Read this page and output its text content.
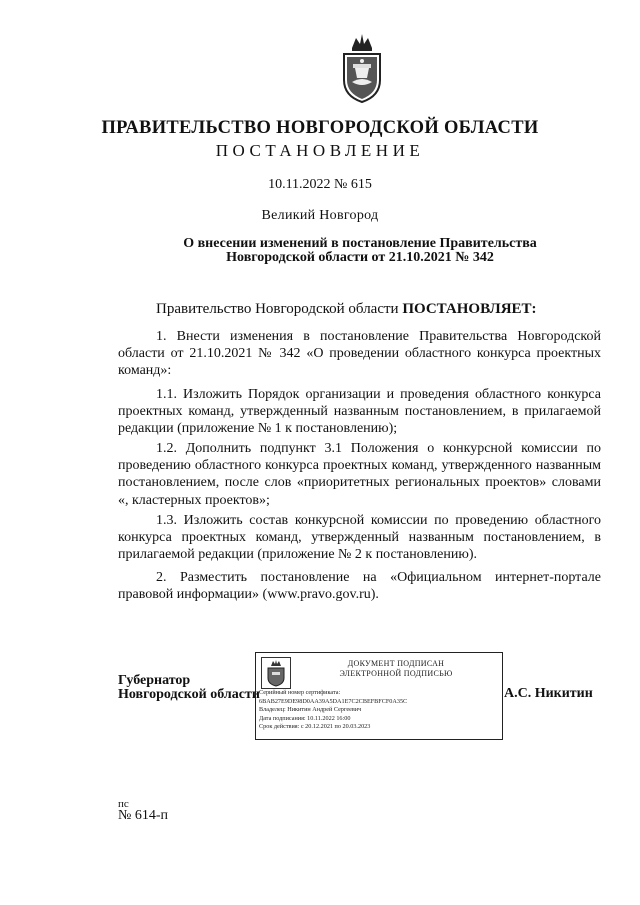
ПРАВИТЕЛЬСТВО НОВГОРОДСКОЙ ОБЛАСТИ
ПОСТАНОВЛЕНИЕ
10.11.2022 № 615
Великий Новгород
О внесении изменений в постановление Правительства
Новгородской области от 21.10.2021 № 342

Правительство Новгородской области ПОСТАНОВЛЯЕТ:

1. Внести изменения в постановление Правительства Новгородской области от 21.10.2021 № 342 «О проведении областного конкурса проектных команд»:

1.1. Изложить Порядок организации и проведения областного конкурса проектных команд, утвержденный названным постановлением, в прилагаемой редакции (приложение № 1 к постановлению);

1.2. Дополнить подпункт 3.1 Положения о конкурсной комиссии по проведению областного конкурса проектных команд, утвержденного названным постановлением, после слов «приоритетных региональных проектов» словами «, кластерных проектов»;

1.3. Изложить состав конкурсной комиссии по проведению областного конкурса проектных команд, утвержденный названным постановлением, в прилагаемой редакции (приложение № 2 к постановлению).

2. Разместить постановление на «Официальном интернет-портале правовой информации» (www.pravo.gov.ru).

Губернатор
Новгородской области
ДОКУМЕНТ ПОДПИСАН
ЭЛЕКТРОННОЙ ПОДПИСЬЮ
Серийный номер сертификата:
6BAB27E9DE98D0AA39A5DA1E7C2CBEFBFCF0A35C
Владелец: Никитин Андрей Сергеевич
Дата подписания: 10.11.2022 16:00
Срок действия: с 20.12.2021 по 20.03.2023
А.С. Никитин
пс
№ 614-п
